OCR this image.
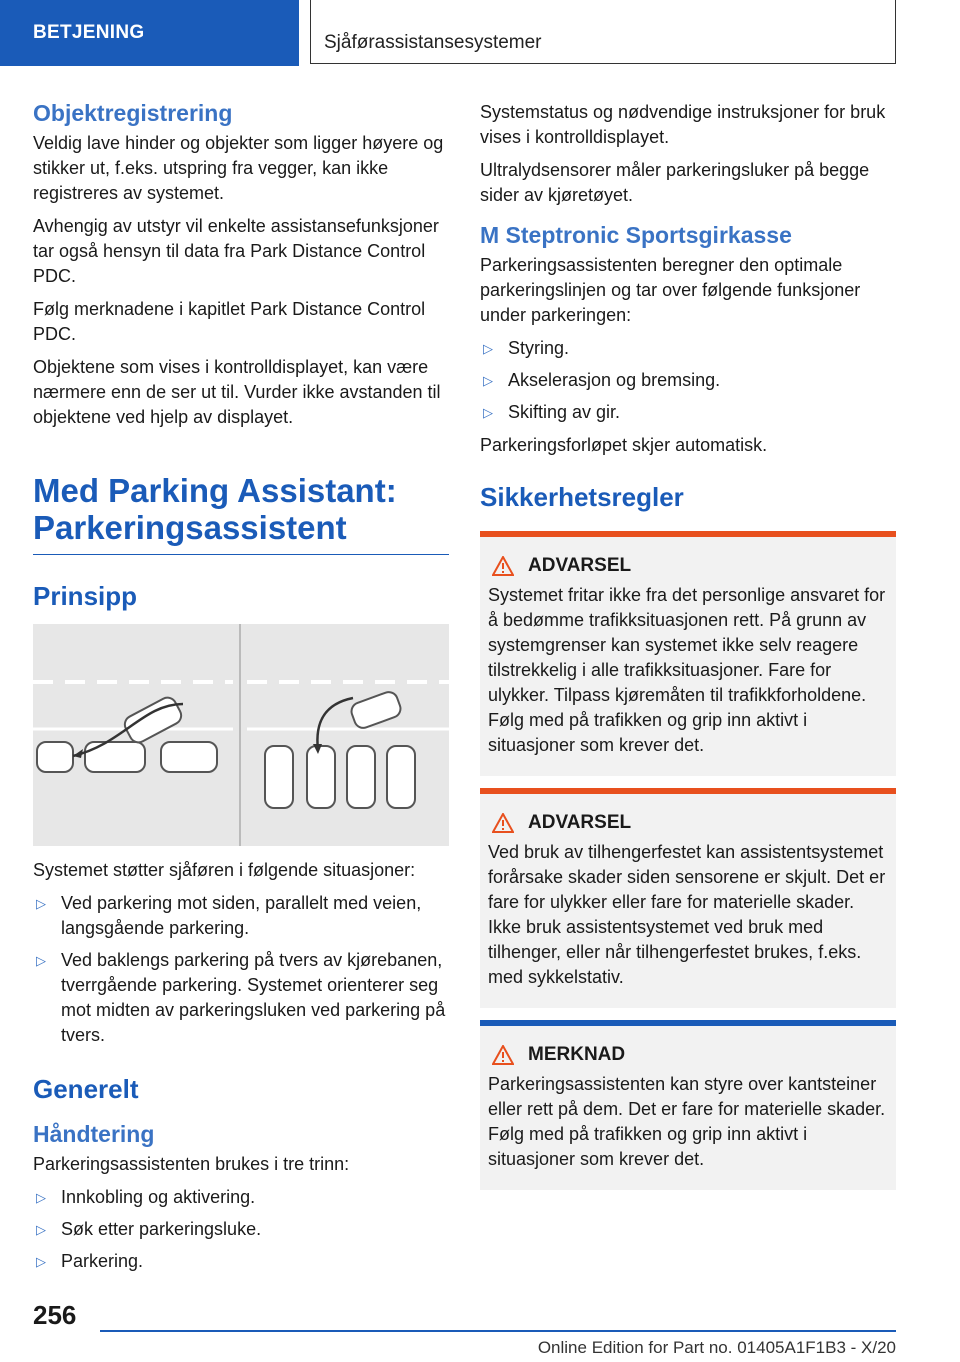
BETJENING	Sjåførassistansesystemer
Objektregistrering

Veldig lave hinder og objekter som ligger høyere og stikker ut, f.eks. utspring fra vegger, kan ikke registreres av systemet.

Avhengig av utstyr vil enkelte assistansefunksjoner tar også hensyn til data fra Park Distance Control PDC.

Følg merknadene i kapitlet Park Distance Control PDC.

Objektene som vises i kontrolldisplayet, kan være nærmere enn de ser ut til. Vurder ikke avstanden til objektene ved hjelp av displayet.

Med Parking Assistant: Parkeringsassistent
Prinsipp

Systemet støtter sjåføren i følgende situasjoner:

▷ Ved parkering mot siden, parallelt med veien, langsgående parkering.
▷ Ved baklengs parkering på tvers av kjørebanen, tverrgående parkering. Systemet orienterer seg mot midten av parkeringsluken ved parkering på tvers.
Generelt
Håndtering

Parkeringsassistenten brukes i tre trinn:

▷ Innkobling og aktivering.
▷ Søk etter parkeringsluke.
▷ Parkering.

Systemstatus og nødvendige instruksjoner for bruk vises i kontrolldisplayet.

Ultralydsensorer måler parkeringsluker på begge sider av kjøretøyet.

M Steptronic Sportsgirkasse

Parkeringsassistenten beregner den optimale parkeringslinjen og tar over følgende funksjoner under parkeringen:

▷ Styring.
▷ Akselerasjon og bremsing.
▷ Skifting av gir.

Parkeringsforløpet skjer automatisk.

Sikkerhetsregler
ADVARSEL

Systemet fritar ikke fra det personlige ansvaret for å bedømme trafikksituasjonen rett. På grunn av systemgrenser kan systemet ikke selv reagere tilstrekkelig i alle trafikksituasjoner. Fare for ulykker. Tilpass kjøremåten til trafikkforholdene. Følg med på trafikken og grip inn aktivt i situasjoner som krever det.

ADVARSEL

Ved bruk av tilhengerfestet kan assistentsystemet forårsake skader siden sensorene er skjult. Det er fare for ulykker eller fare for materielle skader. Ikke bruk assistentsystemet ved bruk med tilhenger, eller når tilhengerfestet brukes, f.eks. med sykkelstativ.

MERKNAD

Parkeringsassistenten kan styre over kantsteiner eller rett på dem. Det er fare for materielle skader. Følg med på trafikken og grip inn aktivt i situasjoner som krever det.

256
Online Edition for Part no. 01405A1F1B3 - X/20
